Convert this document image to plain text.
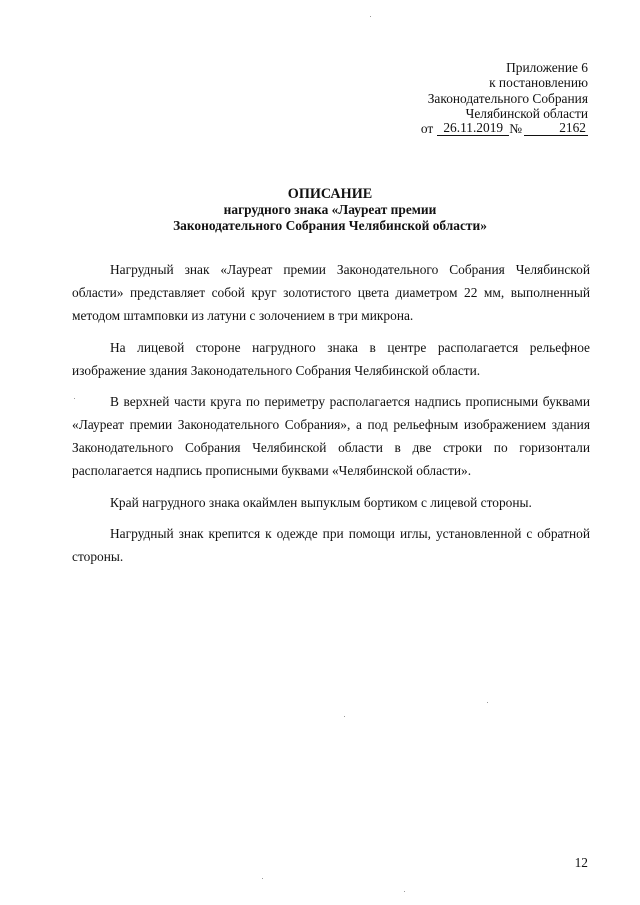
Приложение 6
к постановлению
Законодательного Собрания
Челябинской области
от 26.11.2019 №	2162
ОПИСАНИЕ
нагрудного знака «Лауреат премии
Законодательного Собрания Челябинской области»

Нагрудный знак «Лауреат премии Законодательного Собрания Челябинской области» представляет собой круг золотистого цвета диаметром 22 мм, выполненный методом штамповки из латуни с золочением в три микрона.

На лицевой стороне нагрудного знака в центре располагается рельефное изображение здания Законодательного Собрания Челябинской области.

В верхней части круга по периметру располагается надпись прописными буквами «Лауреат премии Законодательного Собрания», а под рельефным изображением здания Законодательного Собрания Челябинской области в две строки по горизонтали располагается надпись прописными буквами «Челябинской области».

Край нагрудного знака окаймлен выпуклым бортиком с лицевой стороны.

Нагрудный знак крепится к одежде при помощи иглы, установленной с обратной стороны.

12
